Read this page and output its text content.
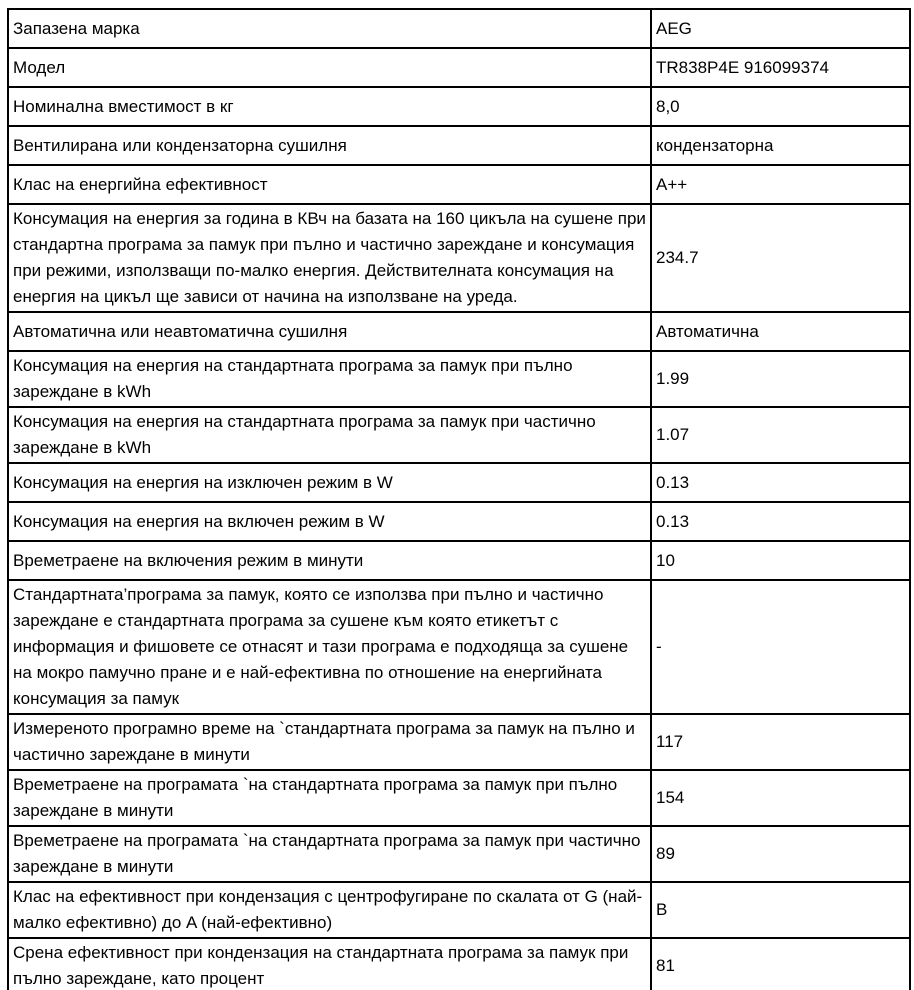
Запазена марка	AEG
Модел	TR838P4E 916099374
Номинална вместимост в кг	8,0
Вентилирана или кондензаторна сушилня	кондензаторна
Клас на енергийна ефективност	A++
Консумация на енергия за година в КВч на базата на 160 цикъла на сушене при стандартна програма за памук при пълно и частично зареждане и консумация при режими, използващи по-малко енергия. Действителната консумация на енергия на цикъл ще зависи от начина на използване на уреда.	234.7
Автоматична или неавтоматична сушилня	Автоматична
Консумация на енергия на стандартната програма за памук при пълно зареждане в kWh	1.99
Консумация на енергия на стандартната програма за памук при частично зареждане в kWh	1.07
Консумация на енергия на изключен режим в W	0.13
Консумация на енергия на включен режим в W	0.13
Времетраене на включения режим в минути	10
Стандартната’програма за памук, която се използва при пълно и частично зареждане е стандартната програма за сушене към която етикетът с информация и фишовете се отнасят и тази програма е подходяща за сушене на мокро памучно пране и е най-ефективна по отношение на енергийната консумация за памук	-
Измереното програмно време на `стандартната програма за памук на пълно и частично зареждане в минути	117
Времетраене на програмата `на стандартната програма за памук при пълно зареждане в минути	154
Времетраене на програмата `на стандартната програма за памук при частично зареждане в минути	89
Клас на ефективност при кондензация с центрофугиране по скалата от G (най-малко ефективно) до A (най-ефективно)	B
Срена ефективност при кондензация на стандартната програма за памук при пълно зареждане, като процент	81
